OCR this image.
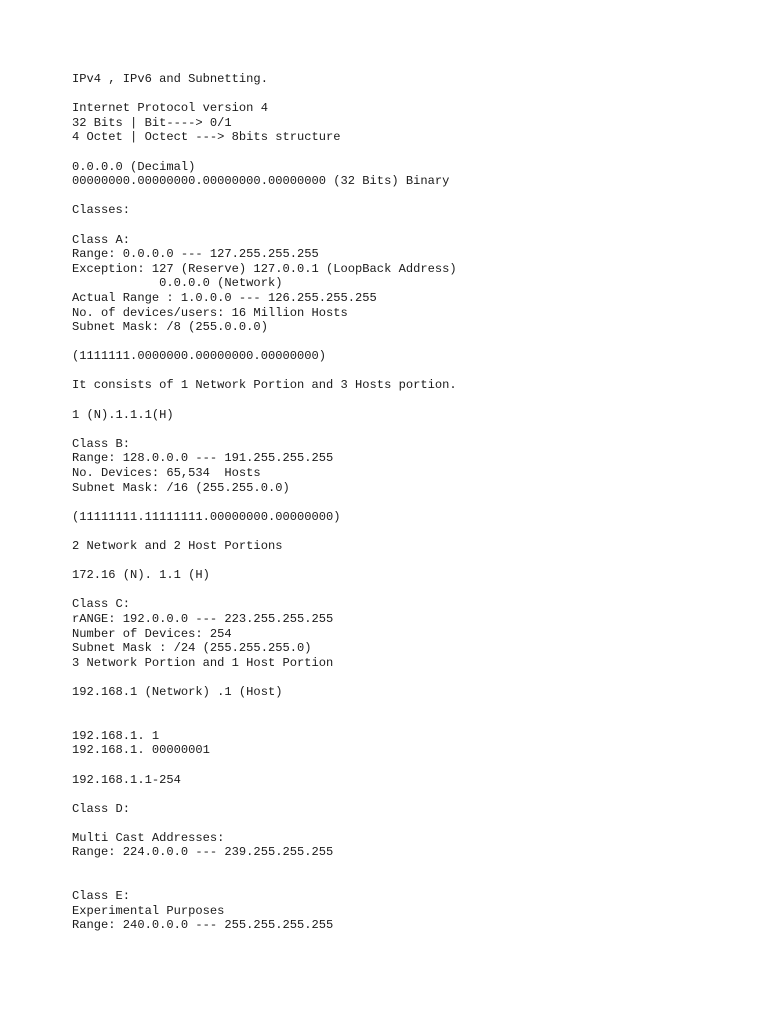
IPv4 , IPv6 and Subnetting.
Internet Protocol version 4
32 Bits | Bit----> 0/1
4 Octet | Octect ---> 8bits structure
0.0.0.0 (Decimal)
00000000.00000000.00000000.00000000 (32 Bits) Binary
Classes:
Class A:
Range: 0.0.0.0 --- 127.255.255.255
Exception: 127 (Reserve) 127.0.0.1 (LoopBack Address)
0.0.0.0 (Network)
Actual Range : 1.0.0.0 --- 126.255.255.255
No. of devices/users: 16 Million Hosts
Subnet Mask: /8 (255.0.0.0)
(1111111.0000000.00000000.00000000)
It consists of 1 Network Portion and 3 Hosts portion.
1 (N).1.1.1(H)
Class B:
Range: 128.0.0.0 --- 191.255.255.255
No. Devices: 65,534  Hosts
Subnet Mask: /16 (255.255.0.0)
(11111111.11111111.00000000.00000000)
2 Network and 2 Host Portions
172.16 (N). 1.1 (H)
Class C:
rANGE: 192.0.0.0 --- 223.255.255.255
Number of Devices: 254
Subnet Mask : /24 (255.255.255.0)
3 Network Portion and 1 Host Portion
192.168.1 (Network) .1 (Host)
192.168.1. 1
192.168.1. 00000001
192.168.1.1-254
Class D:
Multi Cast Addresses:
Range: 224.0.0.0 --- 239.255.255.255
Class E:
Experimental Purposes
Range: 240.0.0.0 --- 255.255.255.255
